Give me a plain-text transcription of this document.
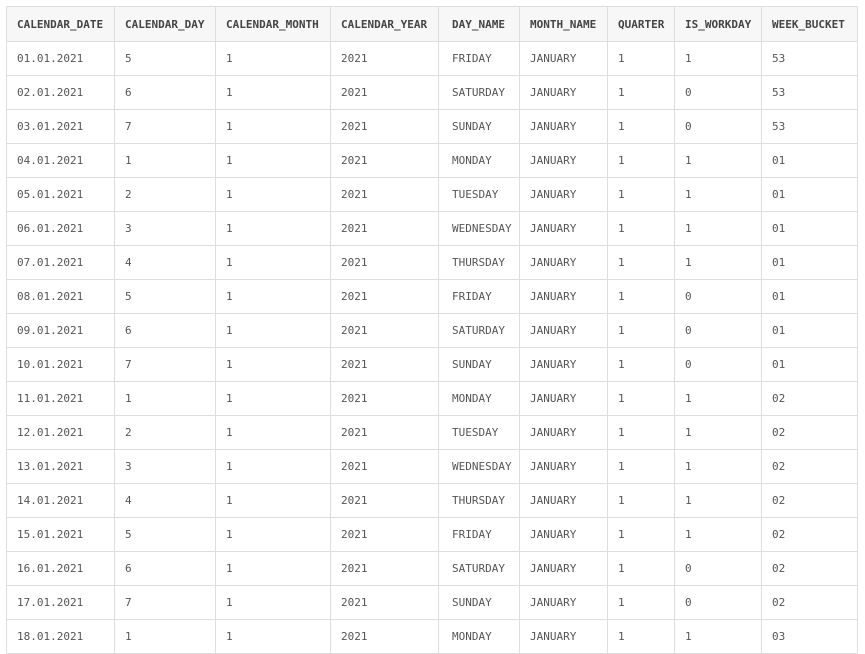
CALENDAR_DATE	CALENDAR_DAY	CALENDAR_MONTH	CALENDAR_YEAR	DAY_NAME	MONTH_NAME	QUARTER	IS_WORKDAY	WEEK_BUCKET
01.01.2021	5	1	2021	FRIDAY	JANUARY	1	1	53
02.01.2021	6	1	2021	SATURDAY	JANUARY	1	0	53
03.01.2021	7	1	2021	SUNDAY	JANUARY	1	0	53
04.01.2021	1	1	2021	MONDAY	JANUARY	1	1	01
05.01.2021	2	1	2021	TUESDAY	JANUARY	1	1	01
06.01.2021	3	1	2021	WEDNESDAY	JANUARY	1	1	01
07.01.2021	4	1	2021	THURSDAY	JANUARY	1	1	01
08.01.2021	5	1	2021	FRIDAY	JANUARY	1	0	01
09.01.2021	6	1	2021	SATURDAY	JANUARY	1	0	01
10.01.2021	7	1	2021	SUNDAY	JANUARY	1	0	01
11.01.2021	1	1	2021	MONDAY	JANUARY	1	1	02
12.01.2021	2	1	2021	TUESDAY	JANUARY	1	1	02
13.01.2021	3	1	2021	WEDNESDAY	JANUARY	1	1	02
14.01.2021	4	1	2021	THURSDAY	JANUARY	1	1	02
15.01.2021	5	1	2021	FRIDAY	JANUARY	1	1	02
16.01.2021	6	1	2021	SATURDAY	JANUARY	1	0	02
17.01.2021	7	1	2021	SUNDAY	JANUARY	1	0	02
18.01.2021	1	1	2021	MONDAY	JANUARY	1	1	03
